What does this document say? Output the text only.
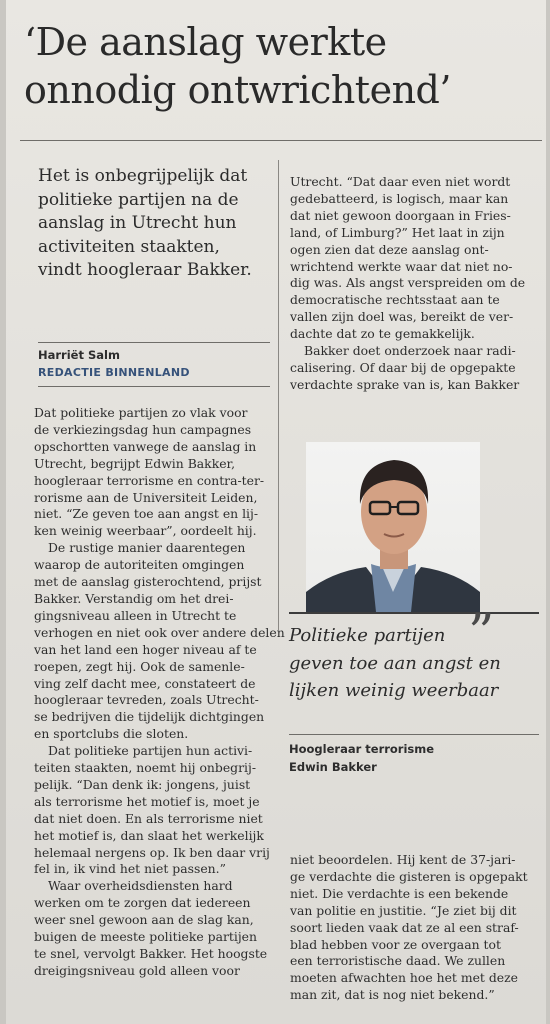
‘De aanslag werkte
onnodig ontwrichtend’
Het is onbegrijpelijk dat
politieke partijen na de
aanslag in Utrecht hun
activiteiten staakten,
vindt hoogleraar Bakker.
Harriët Salm
REDACTIE BINNENLAND
Dat politieke partijen zo vlak voor
de verkiezingsdag hun campagnes
opschortten vanwege de aanslag in
Utrecht, begrijpt Edwin Bakker,
hoogleraar terrorisme en contra-ter-
rorisme aan de Universiteit Leiden,
niet. “Ze geven toe aan angst en lij-
ken weinig weerbaar”, oordeelt hij.
De rustige manier daarentegen
waarop de autoriteiten omgingen
met de aanslag gisterochtend, prijst
Bakker. Verstandig om het drei-
gingsniveau alleen in Utrecht te
verhogen en niet ook over andere delen
van het land een hoger niveau af te
roepen, zegt hij. Ook de samenle-
ving zelf dacht mee, constateert de
hoogleraar tevreden, zoals Utrecht-
se bedrijven die tijdelijk dichtgingen
en sportclubs die sloten.
Dat politieke partijen hun activi-
teiten staakten, noemt hij onbegrij-
pelijk. “Dan denk ik: jongens, juist
als terrorisme het motief is, moet je
dat niet doen. En als terrorisme niet
het motief is, dan slaat het werkelijk
helemaal nergens op. Ik ben daar vrij
fel in, ik vind het niet passen.”
Waar overheidsdiensten hard
werken om te zorgen dat iedereen
weer snel gewoon aan de slag kan,
buigen de meeste politieke partijen
te snel, vervolgt Bakker. Het hoogste
dreigingsniveau gold alleen voor
Utrecht. “Dat daar even niet wordt
gedebatteerd, is logisch, maar kan
dat niet gewoon doorgaan in Fries-
land, of Limburg?” Het laat in zijn
ogen zien dat deze aanslag ont-
wrichtend werkte waar dat niet no-
dig was. Als angst verspreiden om de
democratische rechtsstaat aan te
vallen zijn doel was, bereikt de ver-
dachte dat zo te gemakkelijk.
Bakker doet onderzoek naar radi-
calisering. Of daar bij de opgepakte
verdachte sprake van is, kan Bakker
”
Politieke partijen
geven toe aan angst en
lijken weinig weerbaar
Hoogleraar terrorisme
Edwin Bakker
niet beoordelen. Hij kent de 37-jari-
ge verdachte die gisteren is opgepakt
niet. Die verdachte is een bekende
van politie en justitie. “Je ziet bij dit
soort lieden vaak dat ze al een straf-
blad hebben voor ze overgaan tot
een terroristische daad. We zullen
moeten afwachten hoe het met deze
man zit, dat is nog niet bekend.”
